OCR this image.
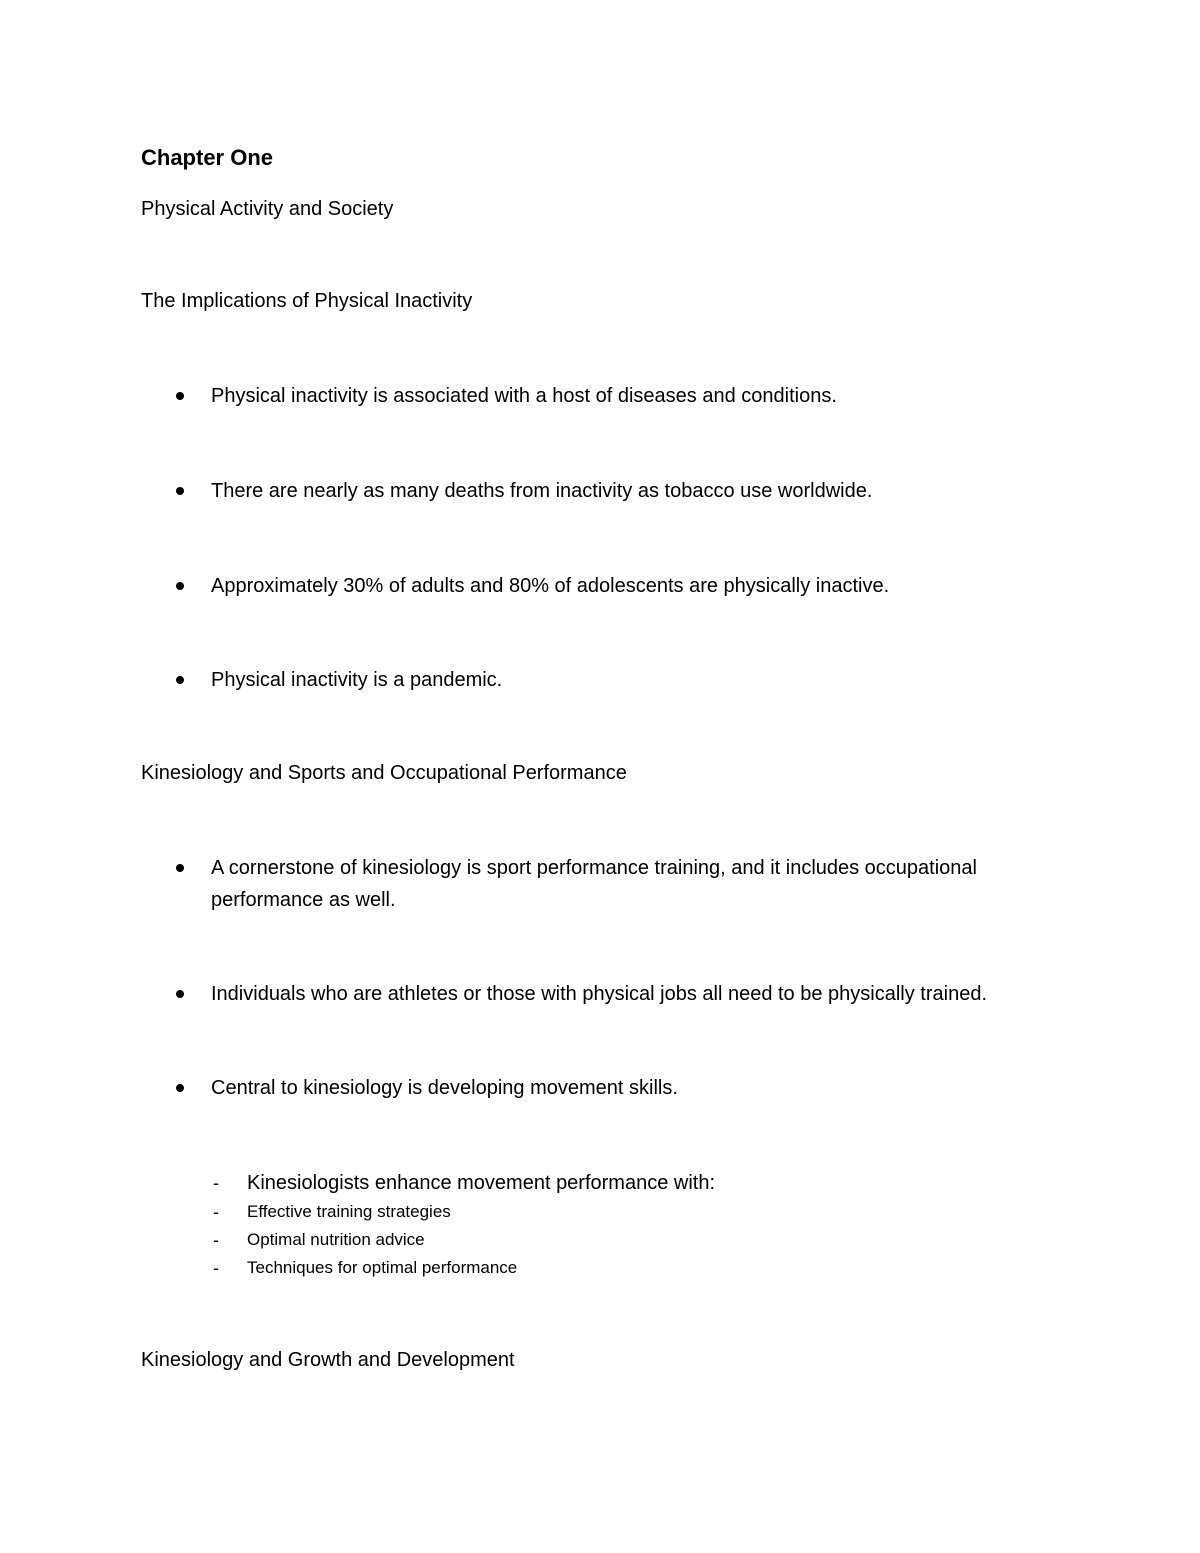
Chapter One
Physical Activity and Society
The Implications of Physical Inactivity
Physical inactivity is associated with a host of diseases and conditions.
There are nearly as many deaths from inactivity as tobacco use worldwide.
Approximately 30% of adults and 80% of adolescents are physically inactive.
Physical inactivity is a pandemic.
Kinesiology and Sports and Occupational Performance
A cornerstone of kinesiology is sport performance training, and it includes occupational performance as well.
Individuals who are athletes or those with physical jobs all need to be physically trained.
Central to kinesiology is developing movement skills.
- Kinesiologists enhance movement performance with:
- Effective training strategies
- Optimal nutrition advice
- Techniques for optimal performance
Kinesiology and Growth and Development
